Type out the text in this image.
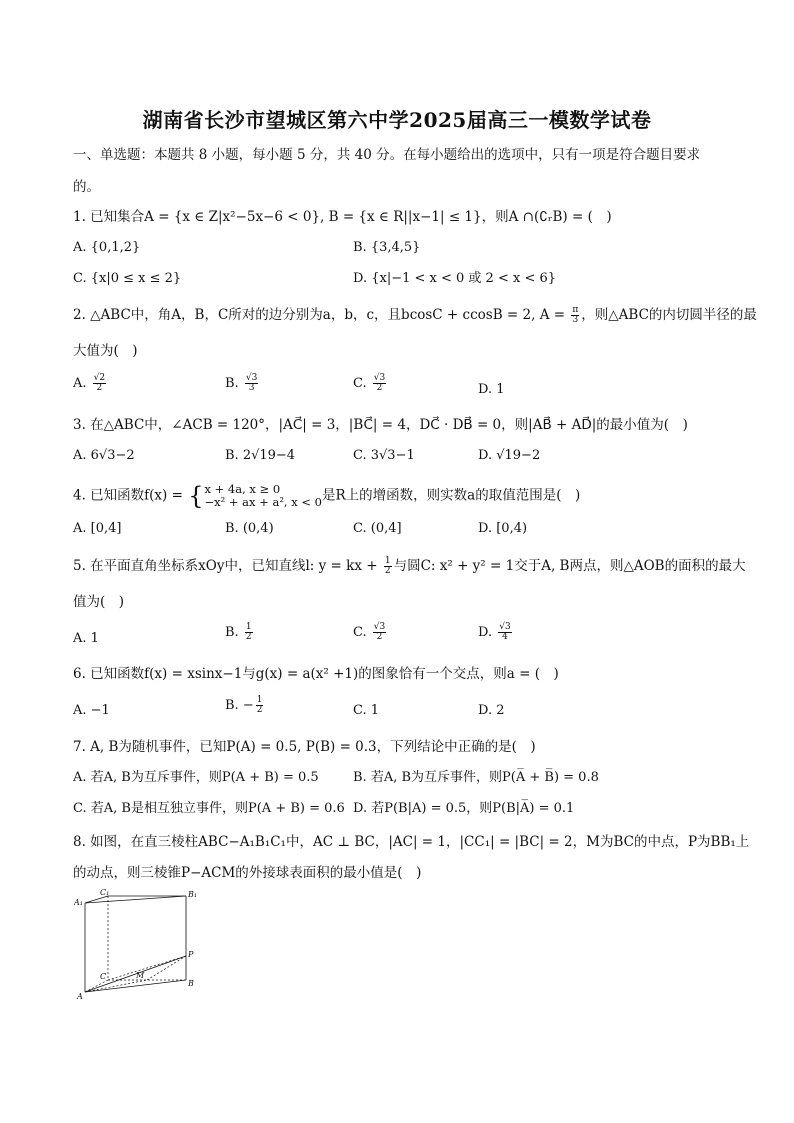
湖南省长沙市望城区第六中学2025届高三一模数学试卷
一、单选题：本题共 8 小题，每小题 5 分，共 40 分。在每小题给出的选项中，只有一项是符合题目要求
的。
1. 已知集合A = {x ∈ Z|x²−5x−6 < 0}, B = {x ∈ R||x−1| ≤ 1}，则A ∩(∁ᵣB) = (　)
A. {0,1,2}	B. {3,4,5}
C. {x|0 ≤ x ≤ 2}	D. {x|−1 < x < 0 或 2 < x < 6}
2. △ABC中，角A，B，C所对的边分别为a，b，c，且bcosC + ccosB = 2, $A = \frac{\pi}{3}$ ，则△ABC的内切圆半径的最
大值为(　)
A. $\frac{√2}{2}$	B. $\frac{√3}{3}$	C. $\frac{√3}{2}$	D. 1
3. 在△ABC中，∠ACB = 120°，|AC⃗| = 3，|BC⃗| = 4，DC⃗ · DB⃗ = 0，则|AB⃗ + AD⃗|的最小值为(　)
A. 6√3−2	B. 2√19−4	C. 3√3−1	D. √19−2
4. 已知函数f(x) = { x + 4a, x ≥ 0
−x² + ax + a², x < 0 是R上的增函数，则实数a的取值范围是(　)
A. [0,4]	B. (0,4)	C. (0,4]	D. [0,4)
5. 在平面直角坐标系xOy中，已知直线l: y = kx + $\frac{1}{2}$ 与圆C: x² + y² = 1交于A, B两点，则△AOB的面积的最大
值为(　)
A. 1	B. $\frac{1}{2}$	C. $\frac{√3}{2}$	D. $\frac{√3}{4}$
6. 已知函数f(x) = xsinx−1与g(x) = a(x² +1)的图象恰有一个交点，则a = (　)
A. −1	B. − $\frac{1}{2}$	C. 1	D. 2
7. A, B为随机事件，已知P(A) = 0.5, P(B) = 0.3，下列结论中正确的是(　)
A. 若A, B为互斥事件，则P(A + B) = 0.5	B. 若A, B为互斥事件，则P(A̅ + B̅) = 0.8
C. 若A, B是相互独立事件，则P(A + B) = 0.6 D. 若P(B|A) = 0.5，则P(B|A̅) = 0.1
8. 如图，在直三棱柱ABC−A₁B₁C₁中，AC ⊥ BC，|AC| = 1，|CC₁| = |BC| = 2，M为BC的中点，P为BB₁上
的动点，则三棱锥P−ACM的外接球表面积的最小值是(　)
C₁
A₁
B₁
P
C	M
A
B
